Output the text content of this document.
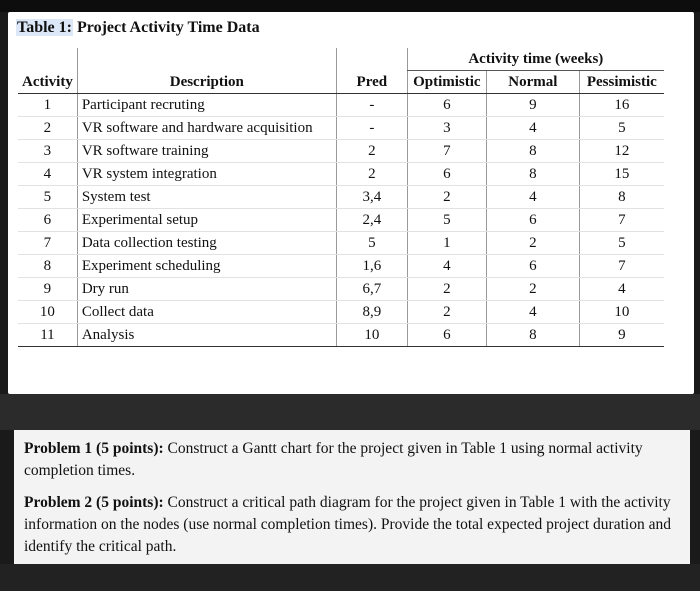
Table 1: Project Activity Time Data
			Activity time (weeks)		
Activity	Description	Pred	Optimistic	Normal	Pessimistic
1	Participant recruting	-	6	9	16
2	VR software and hardware acquisition	-	3	4	5
3	VR software training	2	7	8	12
4	VR system integration	2	6	8	15
5	System test	3,4	2	4	8
6	Experimental setup	2,4	5	6	7
7	Data collection testing	5	1	2	5
8	Experiment scheduling	1,6	4	6	7
9	Dry run	6,7	2	2	4
10	Collect data	8,9	2	4	10
11	Analysis	10	6	8	9

Problem 1 (5 points): Construct a Gantt chart for the project given in Table 1 using normal activity completion times.

Problem 2 (5 points): Construct a critical path diagram for the project given in Table 1 with the activity information on the nodes (use normal completion times). Provide the total expected project duration and identify the critical path.
